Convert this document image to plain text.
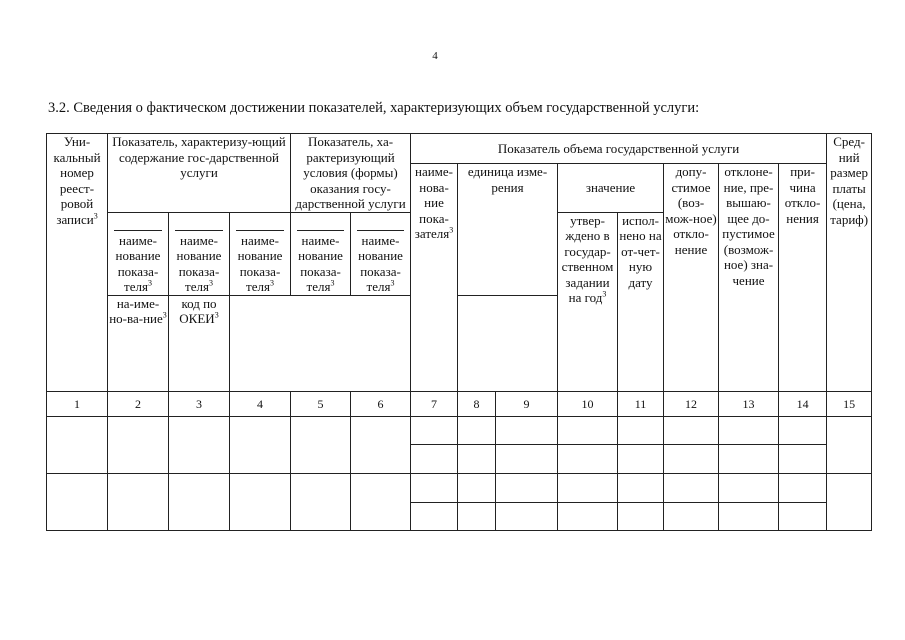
4
3.2. Сведения о фактическом достижении показателей, характеризующих объем государственной услуги:
Уни-кальный номер реест-ровой записи$^3$	Показатель, характеризу-ющий содержание гос-дарственной услуги			Показатель, ха-рактеризующий условия (формы) оказания госу-дарственной услуги		Показатель объема государственной услуги								Сред-ний размер платы (цена, тариф)
						наиме-нова-ние пока-зателя$^3$	единица изме-рения		значение		допу-стимое (воз-мож-ное) откло-нение	отклоне-ние, пре-вышаю-щее до-пустимое (возмож-ное) зна-чение	при-чина откло-нения	

наиме-нование показа-теля$^3$	наиме-нование показа-теля$^3$	наиме-нование показа-теля$^3$	наиме-нование показа-теля$^3$	наиме-нование показа-теля$^3$				утвер-ждено в государ-ственном задании на год$^3$	испол-нено на от-чет-ную дату				
	на-име-но-ва-ние$^3$	код по ОКЕИ$^3$
1	2	3	4	5	6	7	8	9	10	11	12	13	14	15
